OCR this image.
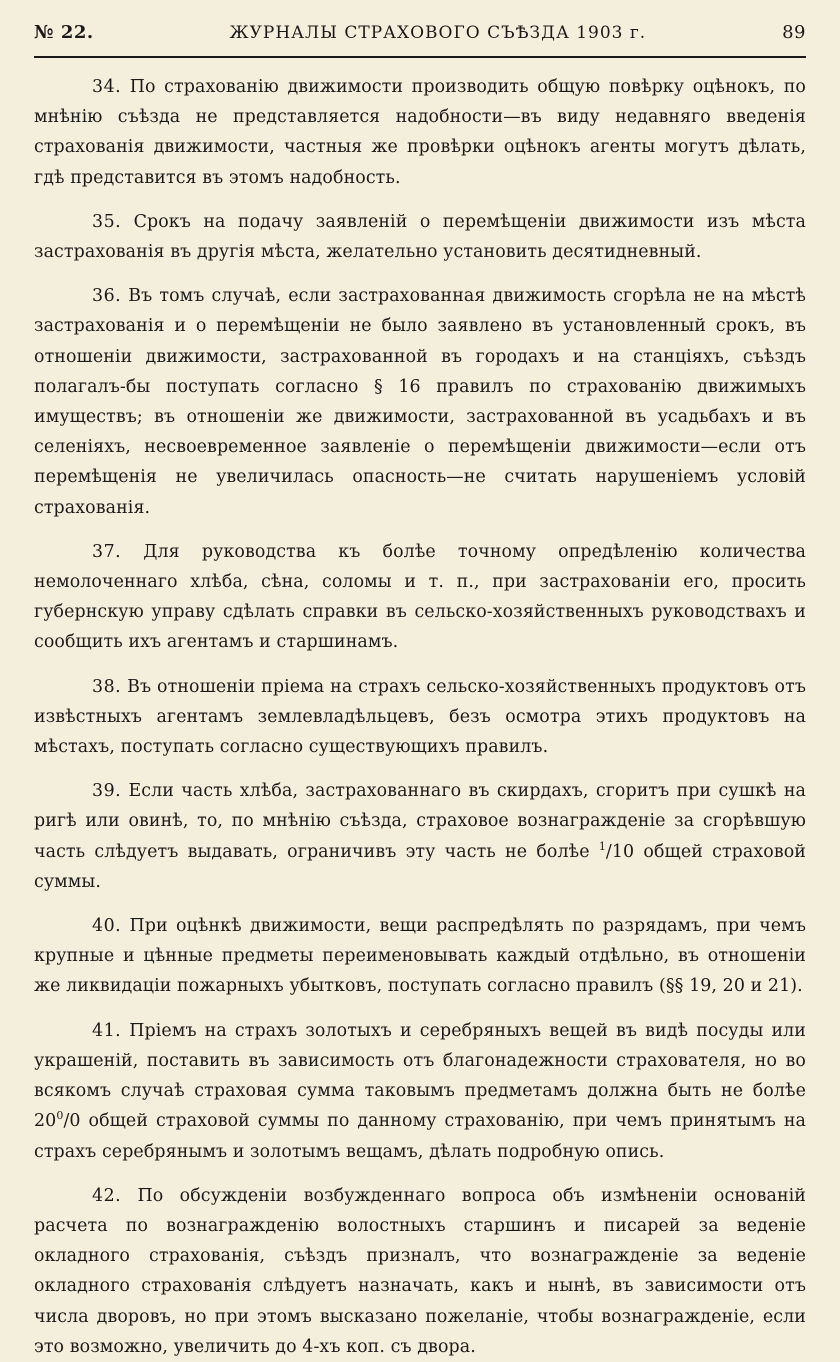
№ 22.	ЖУРНАЛЫ СТРАХОВОГО СЪѢЗДА 1903 г.	89

34. По страхованію движимости производить общую повѣрку оцѣнокъ, по мнѣнію съѣзда не представляется надобности—въ виду недавняго введенія страхованія движимости, частныя же провѣрки оцѣнокъ агенты могутъ дѣлать, гдѣ представится въ этомъ надобность.

35. Срокъ на подачу заявленій о перемѣщеніи движимости изъ мѣста застрахованія въ другія мѣста, желательно установить десятидневный.

36. Въ томъ случаѣ, если застрахованная движимость сгорѣла не на мѣстѣ застрахованія и о перемѣщеніи не было заявлено въ установленный срокъ, въ отношеніи движимости, застрахованной въ городахъ и на станціяхъ, съѣздъ полагалъ-бы поступать согласно § 16 правилъ по страхованію движимыхъ имуществъ; въ отношеніи же движимости, застрахованной въ усадьбахъ и въ селеніяхъ, несвоевременное заявленіе о перемѣщеніи движимости—если отъ перемѣщенія не увеличилась опасность—не считать нарушеніемъ условій страхованія.

37. Для руководства къ болѣе точному опредѣленію количества немолоченнаго хлѣба, сѣна, соломы и т. п., при застрахованіи его, просить губернскую управу сдѣлать справки въ сельско-хозяйственныхъ руководствахъ и сообщить ихъ агентамъ и старшинамъ.

38. Въ отношеніи пріема на страхъ сельско-хозяйственныхъ продуктовъ отъ извѣстныхъ агентамъ землевладѣльцевъ, безъ осмотра этихъ продуктовъ на мѣстахъ, поступать согласно существующихъ правилъ.

39. Если часть хлѣба, застрахованнаго въ скирдахъ, сгоритъ при сушкѣ на ригѣ или овинѣ, то, по мнѣнію съѣзда, страховое вознагражденіе за сгорѣвшую часть слѣдуетъ выдавать, ограничивъ эту часть не болѣе $^1$/10 общей страховой суммы.

40. При оцѣнкѣ движимости, вещи распредѣлять по разрядамъ, при чемъ крупные и цѣнные предметы переименовывать каждый отдѣльно, въ отношеніи же ликвидаціи пожарныхъ убытковъ, поступать согласно правилъ (§§ 19, 20 и 21).

41. Пріемъ на страхъ золотыхъ и серебряныхъ вещей въ видѣ посуды или украшеній, поставить въ зависимость отъ благонадежности страхователя, но во всякомъ случаѣ страховая сумма таковымъ предметамъ должна быть не болѣе $20^0/0$ общей страховой суммы по данному страхованію, при чемъ принятымъ на страхъ серебрянымъ и золотымъ вещамъ, дѣлать подробную опись.

42. По обсужденіи возбужденнаго вопроса объ измѣненіи основаній расчета по вознагражденію волостныхъ старшинъ и писарей за веденіе окладного страхованія, съѣздъ призналъ, что вознагражденіе за веденіе окладного страхованія слѣдуетъ назначать, какъ и нынѣ, въ зависимости отъ числа дворовъ, но при этомъ высказано пожеланіе, чтобы вознагражденіе, если это возможно, увеличить до 4-хъ коп. съ двора.
